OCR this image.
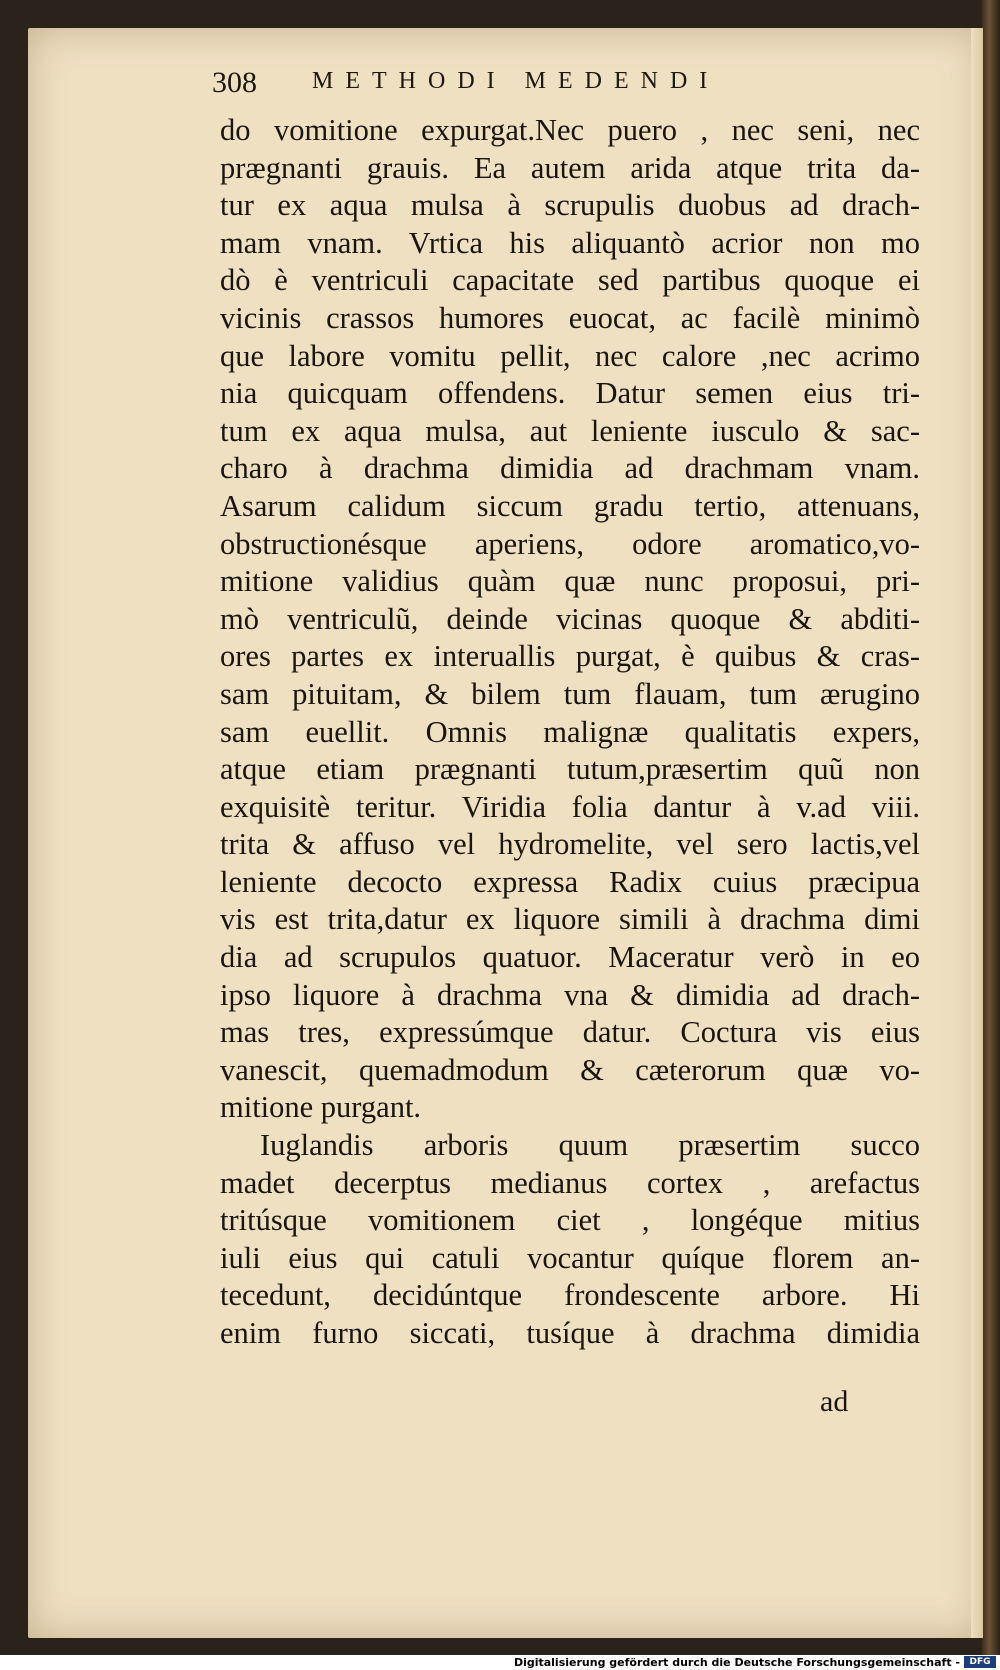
308 METHODI MEDENDI
do vomitione expurgat.Nec puero , nec seni, nec
prægnanti grauis. Ea autem arida atque trita da-
tur ex aqua mulsa à scrupulis duobus ad drach-
mam vnam. Vrtica his aliquantò acrior non mo
dò è ventriculi capacitate sed partibus quoque ei
vicinis crassos humores euocat, ac facilè minimò
que labore vomitu pellit, nec calore ,nec acrimo
nia quicquam offendens. Datur semen eius tri-
tum ex aqua mulsa, aut leniente iusculo & sac-
charo à drachma dimidia ad drachmam vnam.
Asarum calidum siccum gradu tertio, attenuans,
obstructionésque aperiens, odore aromatico,vo-
mitione validius quàm quæ nunc proposui, pri-
mò ventriculũ, deinde vicinas quoque & abditi-
ores partes ex interuallis purgat, è quibus & cras-
sam pituitam, & bilem tum flauam, tum ærugino
sam euellit. Omnis malignæ qualitatis expers,
atque etiam prægnanti tutum,præsertim quũ non
exquisitè teritur. Viridia folia dantur à v.ad viii.
trita & affuso vel hydromelite, vel sero lactis,vel
leniente decocto expressa Radix cuius præcipua
vis est trita,datur ex liquore simili à drachma dimi
dia ad scrupulos quatuor. Maceratur verò in eo
ipso liquore à drachma vna & dimidia ad drach-
mas tres, expressúmque datur. Coctura vis eius
vanescit, quemadmodum & cæterorum quæ vo-
mitione purgant.
Iuglandis arboris quum præsertim succo
madet decerptus medianus cortex , arefactus
tritúsque vomitionem ciet , longéque mitius
iuli eius qui catuli vocantur quíque florem an-
tecedunt, decidúntque frondescente arbore. Hi
enim furno siccati, tusíque à drachma dimidia
ad
Digitalisierung gefördert durch die Deutsche Forschungsgemeinschaft -	DFG
